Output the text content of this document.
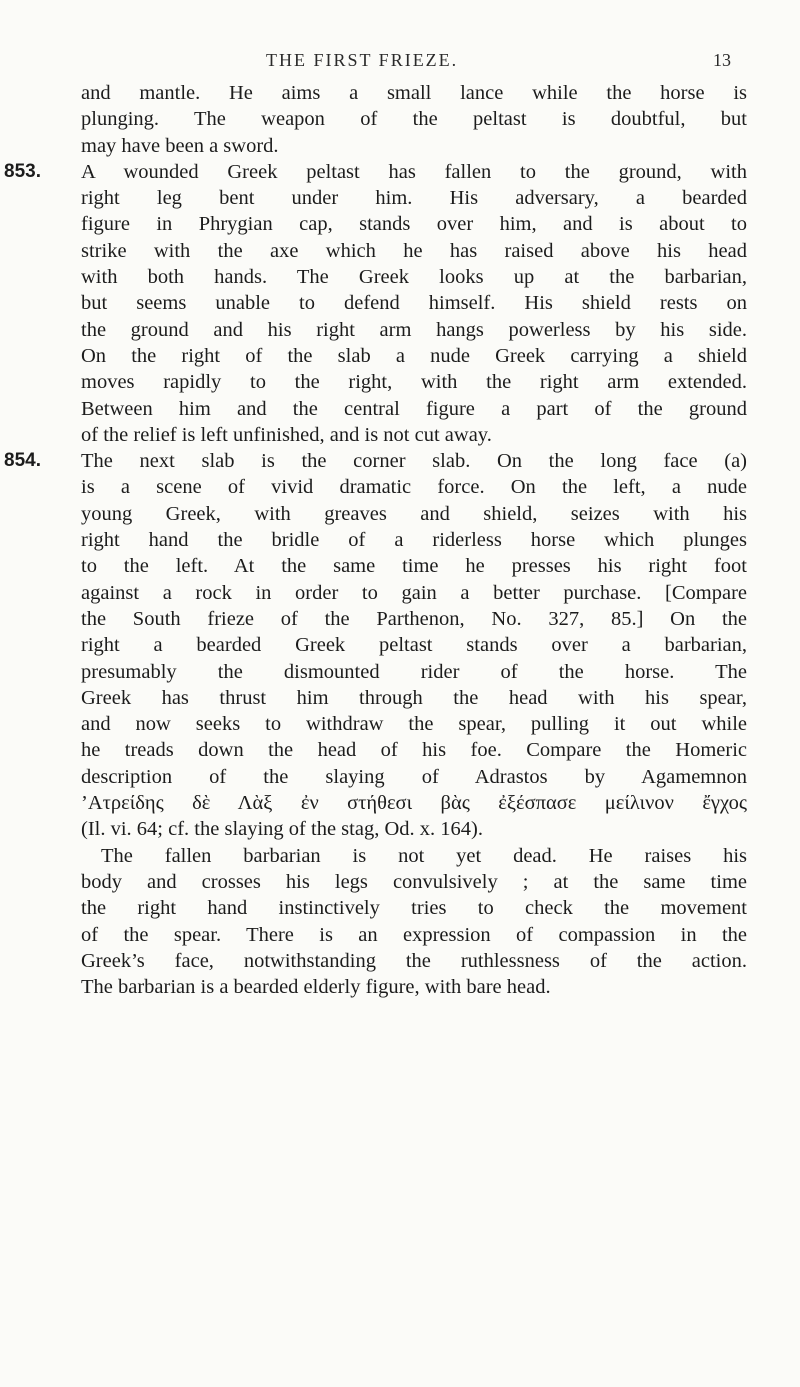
THE FIRST FRIEZE.	13
and mantle. He aims a small lance while the horse is
plunging. The weapon of the peltast is doubtful, but
may have been a sword.
853. A wounded Greek peltast has fallen to the ground, with
right leg bent under him. His adversary, a bearded
figure in Phrygian cap, stands over him, and is about to
strike with the axe which he has raised above his head
with both hands. The Greek looks up at the barbarian,
but seems unable to defend himself. His shield rests on
the ground and his right arm hangs powerless by his side.
On the right of the slab a nude Greek carrying a shield
moves rapidly to the right, with the right arm extended.
Between him and the central figure a part of the ground
of the relief is left unfinished, and is not cut away.
854. The next slab is the corner slab. On the long face (a)
is a scene of vivid dramatic force. On the left, a nude
young Greek, with greaves and shield, seizes with his
right hand the bridle of a riderless horse which plunges
to the left. At the same time he presses his right foot
against a rock in order to gain a better purchase. [Compare
the South frieze of the Parthenon, No. 327, 85.] On the
right a bearded Greek peltast stands over a barbarian,
presumably the dismounted rider of the horse. The
Greek has thrust him through the head with his spear,
and now seeks to withdraw the spear, pulling it out while
he treads down the head of his foe. Compare the Homeric
description of the slaying of Adrastos by Agamemnon
’Ατρείδης δὲ Λὰξ ἐν στήθεσι βὰς ἐξέσπασε μείλινον ἔγχος
(Il. vi. 64; cf. the slaying of the stag, Od. x. 164).
The fallen barbarian is not yet dead. He raises his
body and crosses his legs convulsively ; at the same time
the right hand instinctively tries to check the movement
of the spear. There is an expression of compassion in the
Greek’s face, notwithstanding the ruthlessness of the action.
The barbarian is a bearded elderly figure, with bare head.
